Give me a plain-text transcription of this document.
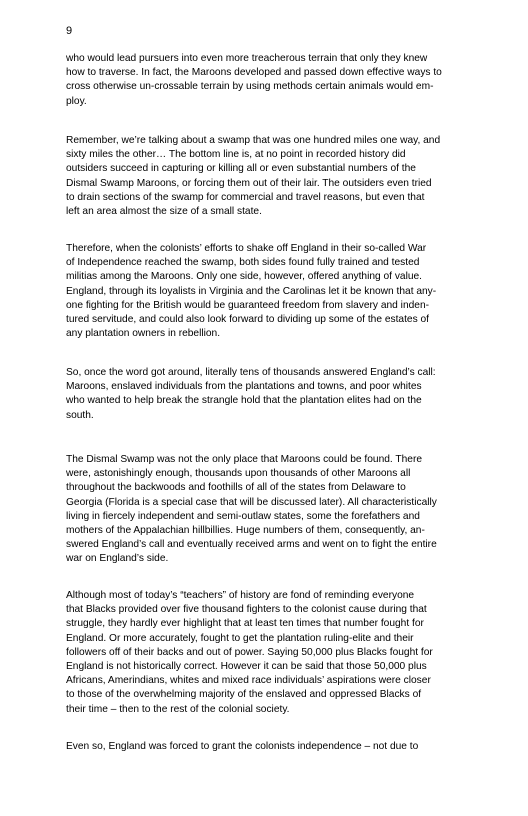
9

who would lead pursuers into even more treacherous terrain that only they knew
how to traverse. In fact, the Maroons developed and passed down effective ways to
cross otherwise un-crossable terrain by using methods certain animals would em-
ploy.

Remember, we’re talking about a swamp that was one hundred miles one way, and
sixty miles the other… The bottom line is, at no point in recorded history did
outsiders succeed in capturing or killing all or even substantial numbers of the
Dismal Swamp Maroons, or forcing them out of their lair. The outsiders even tried
to drain sections of the swamp for commercial and travel reasons, but even that
left an area almost the size of a small state.

Therefore, when the colonists’ efforts to shake off England in their so-called War
of Independence reached the swamp, both sides found fully trained and tested
militias among the Maroons. Only one side, however, offered anything of value.
England, through its loyalists in Virginia and the Carolinas let it be known that any-
one fighting for the British would be guaranteed freedom from slavery and inden-
tured servitude, and could also look forward to dividing up some of the estates of
any plantation owners in rebellion.

So, once the word got around, literally tens of thousands answered England’s call:
Maroons, enslaved individuals from the plantations and towns, and poor whites
who wanted to help break the strangle hold that the plantation elites had on the
south.

The Dismal Swamp was not the only place that Maroons could be found. There
were, astonishingly enough, thousands upon thousands of other Maroons all
throughout the backwoods and foothills of all of the states from Delaware to
Georgia (Florida is a special case that will be discussed later). All characteristically
living in fiercely independent and semi-outlaw states, some the forefathers and
mothers of the Appalachian hillbillies. Huge numbers of them, consequently, an-
swered England’s call and eventually received arms and went on to fight the entire
war on England’s side.

Although most of today’s “teachers” of history are fond of reminding everyone
that Blacks provided over five thousand fighters to the colonist cause during that
struggle, they hardly ever highlight that at least ten times that number fought for
England. Or more accurately, fought to get the plantation ruling-elite and their
followers off of their backs and out of power. Saying 50,000 plus Blacks fought for
England is not historically correct. However it can be said that those 50,000 plus
Africans, Amerindians, whites and mixed race individuals’ aspirations were closer
to those of the overwhelming majority of the enslaved and oppressed Blacks of
their time – then to the rest of the colonial society.

Even so, England was forced to grant the colonists independence – not due to
